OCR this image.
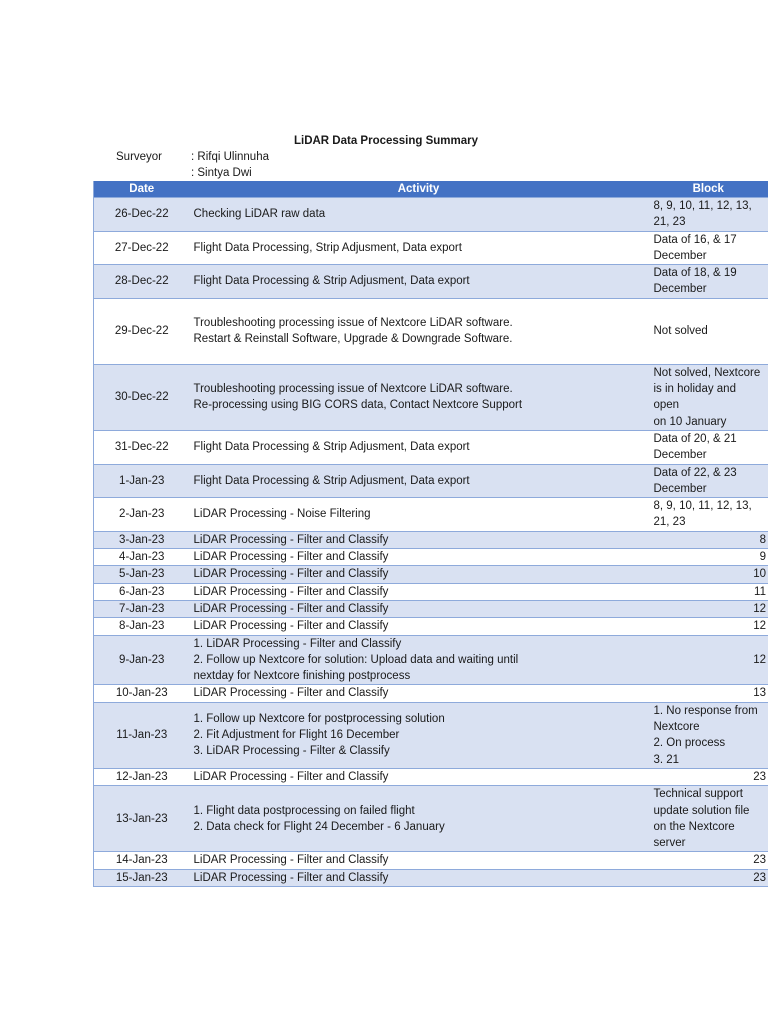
LiDAR Data Processing Summary
Surveyor	: Rifqi Ulinnuha
: Sintya Dwi
Date	Activity	Block
26-Dec-22	Checking LiDAR raw data	8, 9, 10, 11, 12, 13,
21, 23
27-Dec-22	Flight Data Processing, Strip Adjusment, Data export	Data of 16, & 17
December
28-Dec-22	Flight Data Processing & Strip Adjusment, Data export	Data of 18, & 19
December
29-Dec-22	Troubleshooting processing issue of Nextcore LiDAR software.
Restart & Reinstall Software, Upgrade & Downgrade Software.	Not solved
30-Dec-22	Troubleshooting processing issue of Nextcore LiDAR software.
Re-processing using BIG CORS data, Contact Nextcore Support	Not solved, Nextcore
is in holiday and open
on 10 January
31-Dec-22	Flight Data Processing & Strip Adjusment, Data export	Data of 20, & 21
December
1-Jan-23	Flight Data Processing & Strip Adjusment, Data export	Data of 22, & 23
December
2-Jan-23	LiDAR Processing - Noise Filtering	8, 9, 10, 11, 12, 13,
21, 23
3-Jan-23	LiDAR Processing - Filter and Classify	8
4-Jan-23	LiDAR Processing - Filter and Classify	9
5-Jan-23	LiDAR Processing - Filter and Classify	10
6-Jan-23	LiDAR Processing - Filter and Classify	11
7-Jan-23	LiDAR Processing - Filter and Classify	12
8-Jan-23	LiDAR Processing - Filter and Classify	12
9-Jan-23	1. LiDAR Processing - Filter and Classify
2. Follow up Nextcore for solution: Upload data and waiting until
nextday for Nextcore finishing postprocess	12
10-Jan-23	LiDAR Processing - Filter and Classify	13
11-Jan-23	1. Follow up Nextcore for postprocessing solution
2. Fit Adjustment for Flight 16 December
3. LiDAR Processing - Filter & Classify	1. No response from
Nextcore
2. On process
3. 21
12-Jan-23	LiDAR Processing - Filter and Classify	23
13-Jan-23	1. Flight data postprocessing on failed flight
2. Data check for Flight 24 December - 6 January	Technical support
update solution file
on the Nextcore
server
14-Jan-23	LiDAR Processing - Filter and Classify	23
15-Jan-23	LiDAR Processing - Filter and Classify	23
